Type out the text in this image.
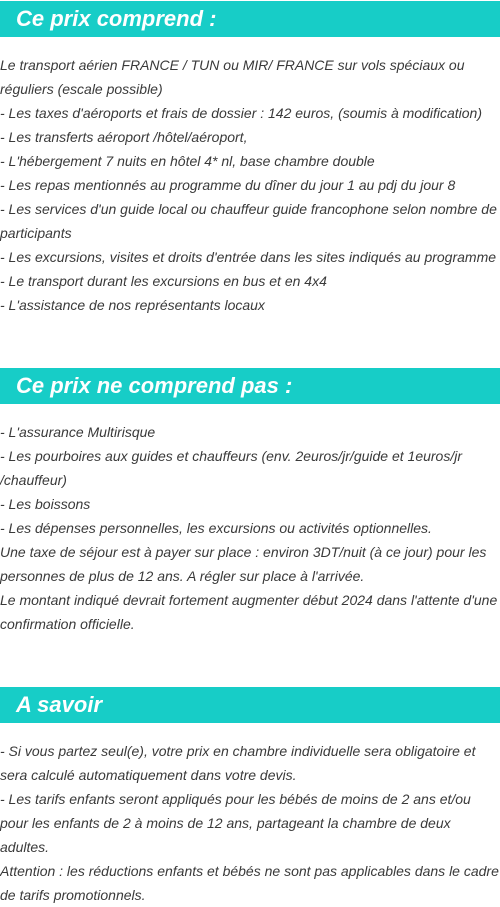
Ce prix comprend :
Le transport aérien FRANCE / TUN ou MIR/ FRANCE sur vols spéciaux ou réguliers (escale possible)
- Les taxes d'aéroports et frais de dossier : 142 euros, (soumis à modification)
- Les transferts aéroport /hôtel/aéroport,
- L'hébergement 7 nuits en hôtel 4* nl, base chambre double
- Les repas mentionnés au programme du dîner du jour 1 au pdj du jour 8
- Les services d'un guide local ou chauffeur guide francophone selon nombre de participants
- Les excursions, visites et droits d'entrée dans les sites indiqués au programme
- Le transport durant les excursions en bus et en 4x4
- L'assistance de nos représentants locaux
Ce prix ne comprend pas :
- L'assurance Multirisque
- Les pourboires aux guides et chauffeurs (env. 2euros/jr/guide et 1euros/jr /chauffeur)
- Les boissons
- Les dépenses personnelles, les excursions ou activités optionnelles.
Une taxe de séjour est à payer sur place : environ 3DT/nuit (à ce jour) pour les personnes de plus de 12 ans. A régler sur place à l'arrivée.
Le montant indiqué devrait fortement augmenter début 2024 dans l'attente d'une confirmation officielle.
A savoir
- Si vous partez seul(e), votre prix en chambre individuelle sera obligatoire et sera calculé automatiquement dans votre devis.
- Les tarifs enfants seront appliqués pour les bébés de moins de 2 ans et/ou pour les enfants de 2 à moins de 12 ans, partageant la chambre de deux adultes.
Attention : les réductions enfants et bébés ne sont pas applicables dans le cadre de tarifs promotionnels.
